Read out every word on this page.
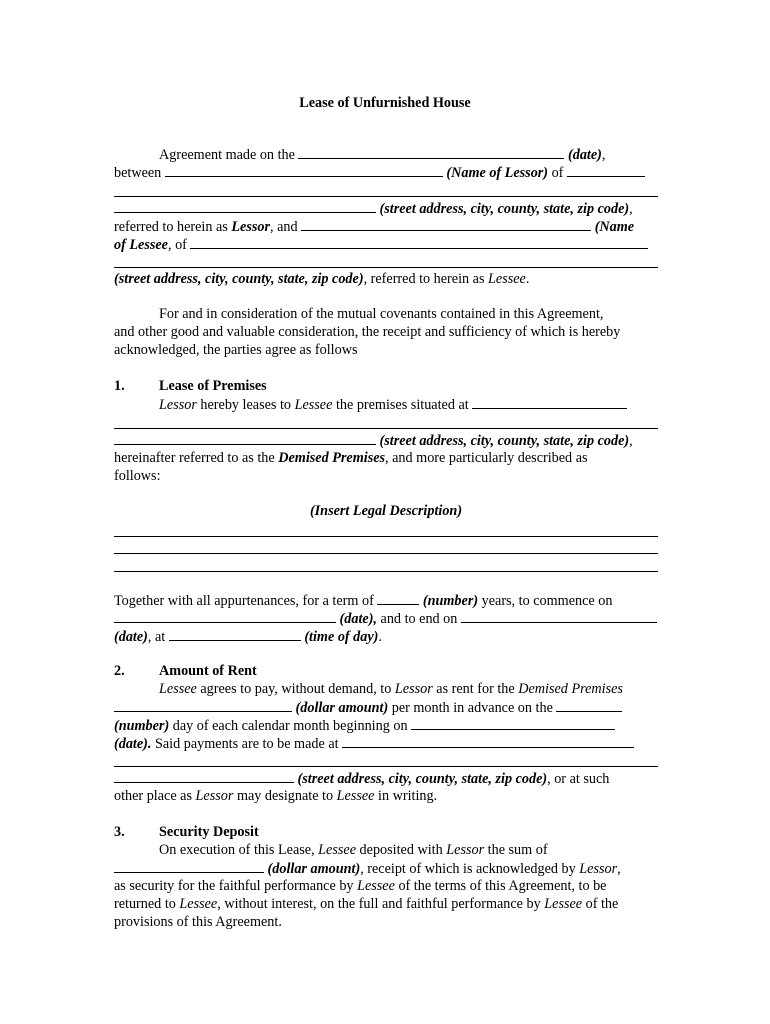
Lease of Unfurnished House
Agreement made on the	(date),
between	(Name of Lessor) of
(street address, city, county, state, zip code),
referred to herein as Lessor, and	(Name
of Lessee, of
(street address, city, county, state, zip code), referred to herein as Lessee.
For and in consideration of the mutual covenants contained in this Agreement,
and other good and valuable consideration, the receipt and sufficiency of which is hereby
acknowledged, the parties agree as follows
1. Lease of Premises
Lessor hereby leases to Lessee the premises situated at
(street address, city, county, state, zip code),
hereinafter referred to as the Demised Premises, and more particularly described as
follows:
(Insert Legal Description)
Together with all appurtenances, for a term of	(number) years, to commence on
(date), and to end on
(date), at	(time of day).
2. Amount of Rent
Lessee agrees to pay, without demand, to Lessor as rent for the Demised Premises
(dollar amount) per month in advance on the
(number) day of each calendar month beginning on
(date). Said payments are to be made at
(street address, city, county, state, zip code), or at such
other place as Lessor may designate to Lessee in writing.
3. Security Deposit
On execution of this Lease, Lessee deposited with Lessor the sum of
(dollar amount), receipt of which is acknowledged by Lessor,
as security for the faithful performance by Lessee of the terms of this Agreement, to be
returned to Lessee, without interest, on the full and faithful performance by Lessee of the
provisions of this Agreement.
